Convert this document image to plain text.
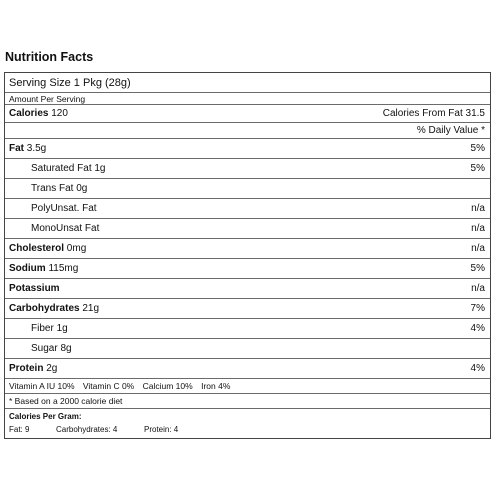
Nutrition Facts
Serving Size 1 Pkg (28g)
Amount Per Serving
Calories 120	Calories From Fat 31.5
% Daily Value *
Fat 3.5g	5%
Saturated Fat 1g	5%
Trans Fat 0g
PolyUnsat. Fat	n/a
MonoUnsat Fat	n/a
Cholesterol 0mg	n/a
Sodium 115mg	5%
Potassium	n/a
Carbohydrates 21g	7%
Fiber 1g	4%
Sugar 8g
Protein 2g	4%
Vitamin A IU 10% Vitamin C 0% Calcium 10% Iron 4%
* Based on a 2000 calorie diet
Calories Per Gram:
Fat: 9	Carbohydrates: 4	Protein: 4
